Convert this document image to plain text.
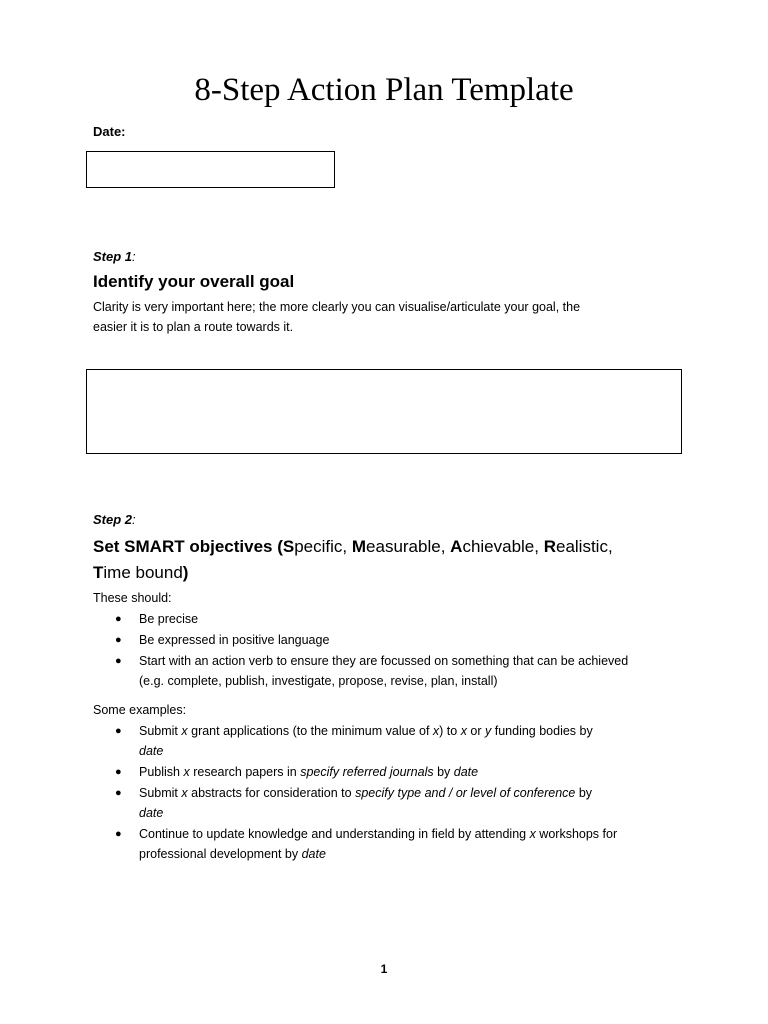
8-Step Action Plan Template
Date:
Step 1:
Identify your overall goal
Clarity is very important here; the more clearly you can visualise/articulate your goal, the
easier it is to plan a route towards it.
Step 2:
Set SMART objectives (Specific, Measurable, Achievable, Realistic,
Time bound)
These should:
● Be precise
● Be expressed in positive language
● Start with an action verb to ensure they are focussed on something that can be achieved (e.g. complete, publish, investigate, propose, revise, plan, install)
Some examples:
● Submit x grant applications (to the minimum value of x) to x or y funding bodies by
date
● Publish x research papers in specify referred journals by date
● Submit x abstracts for consideration to specify type and / or level of conference by
date
● Continue to update knowledge and understanding in field by attending x workshops for professional development by date
1
